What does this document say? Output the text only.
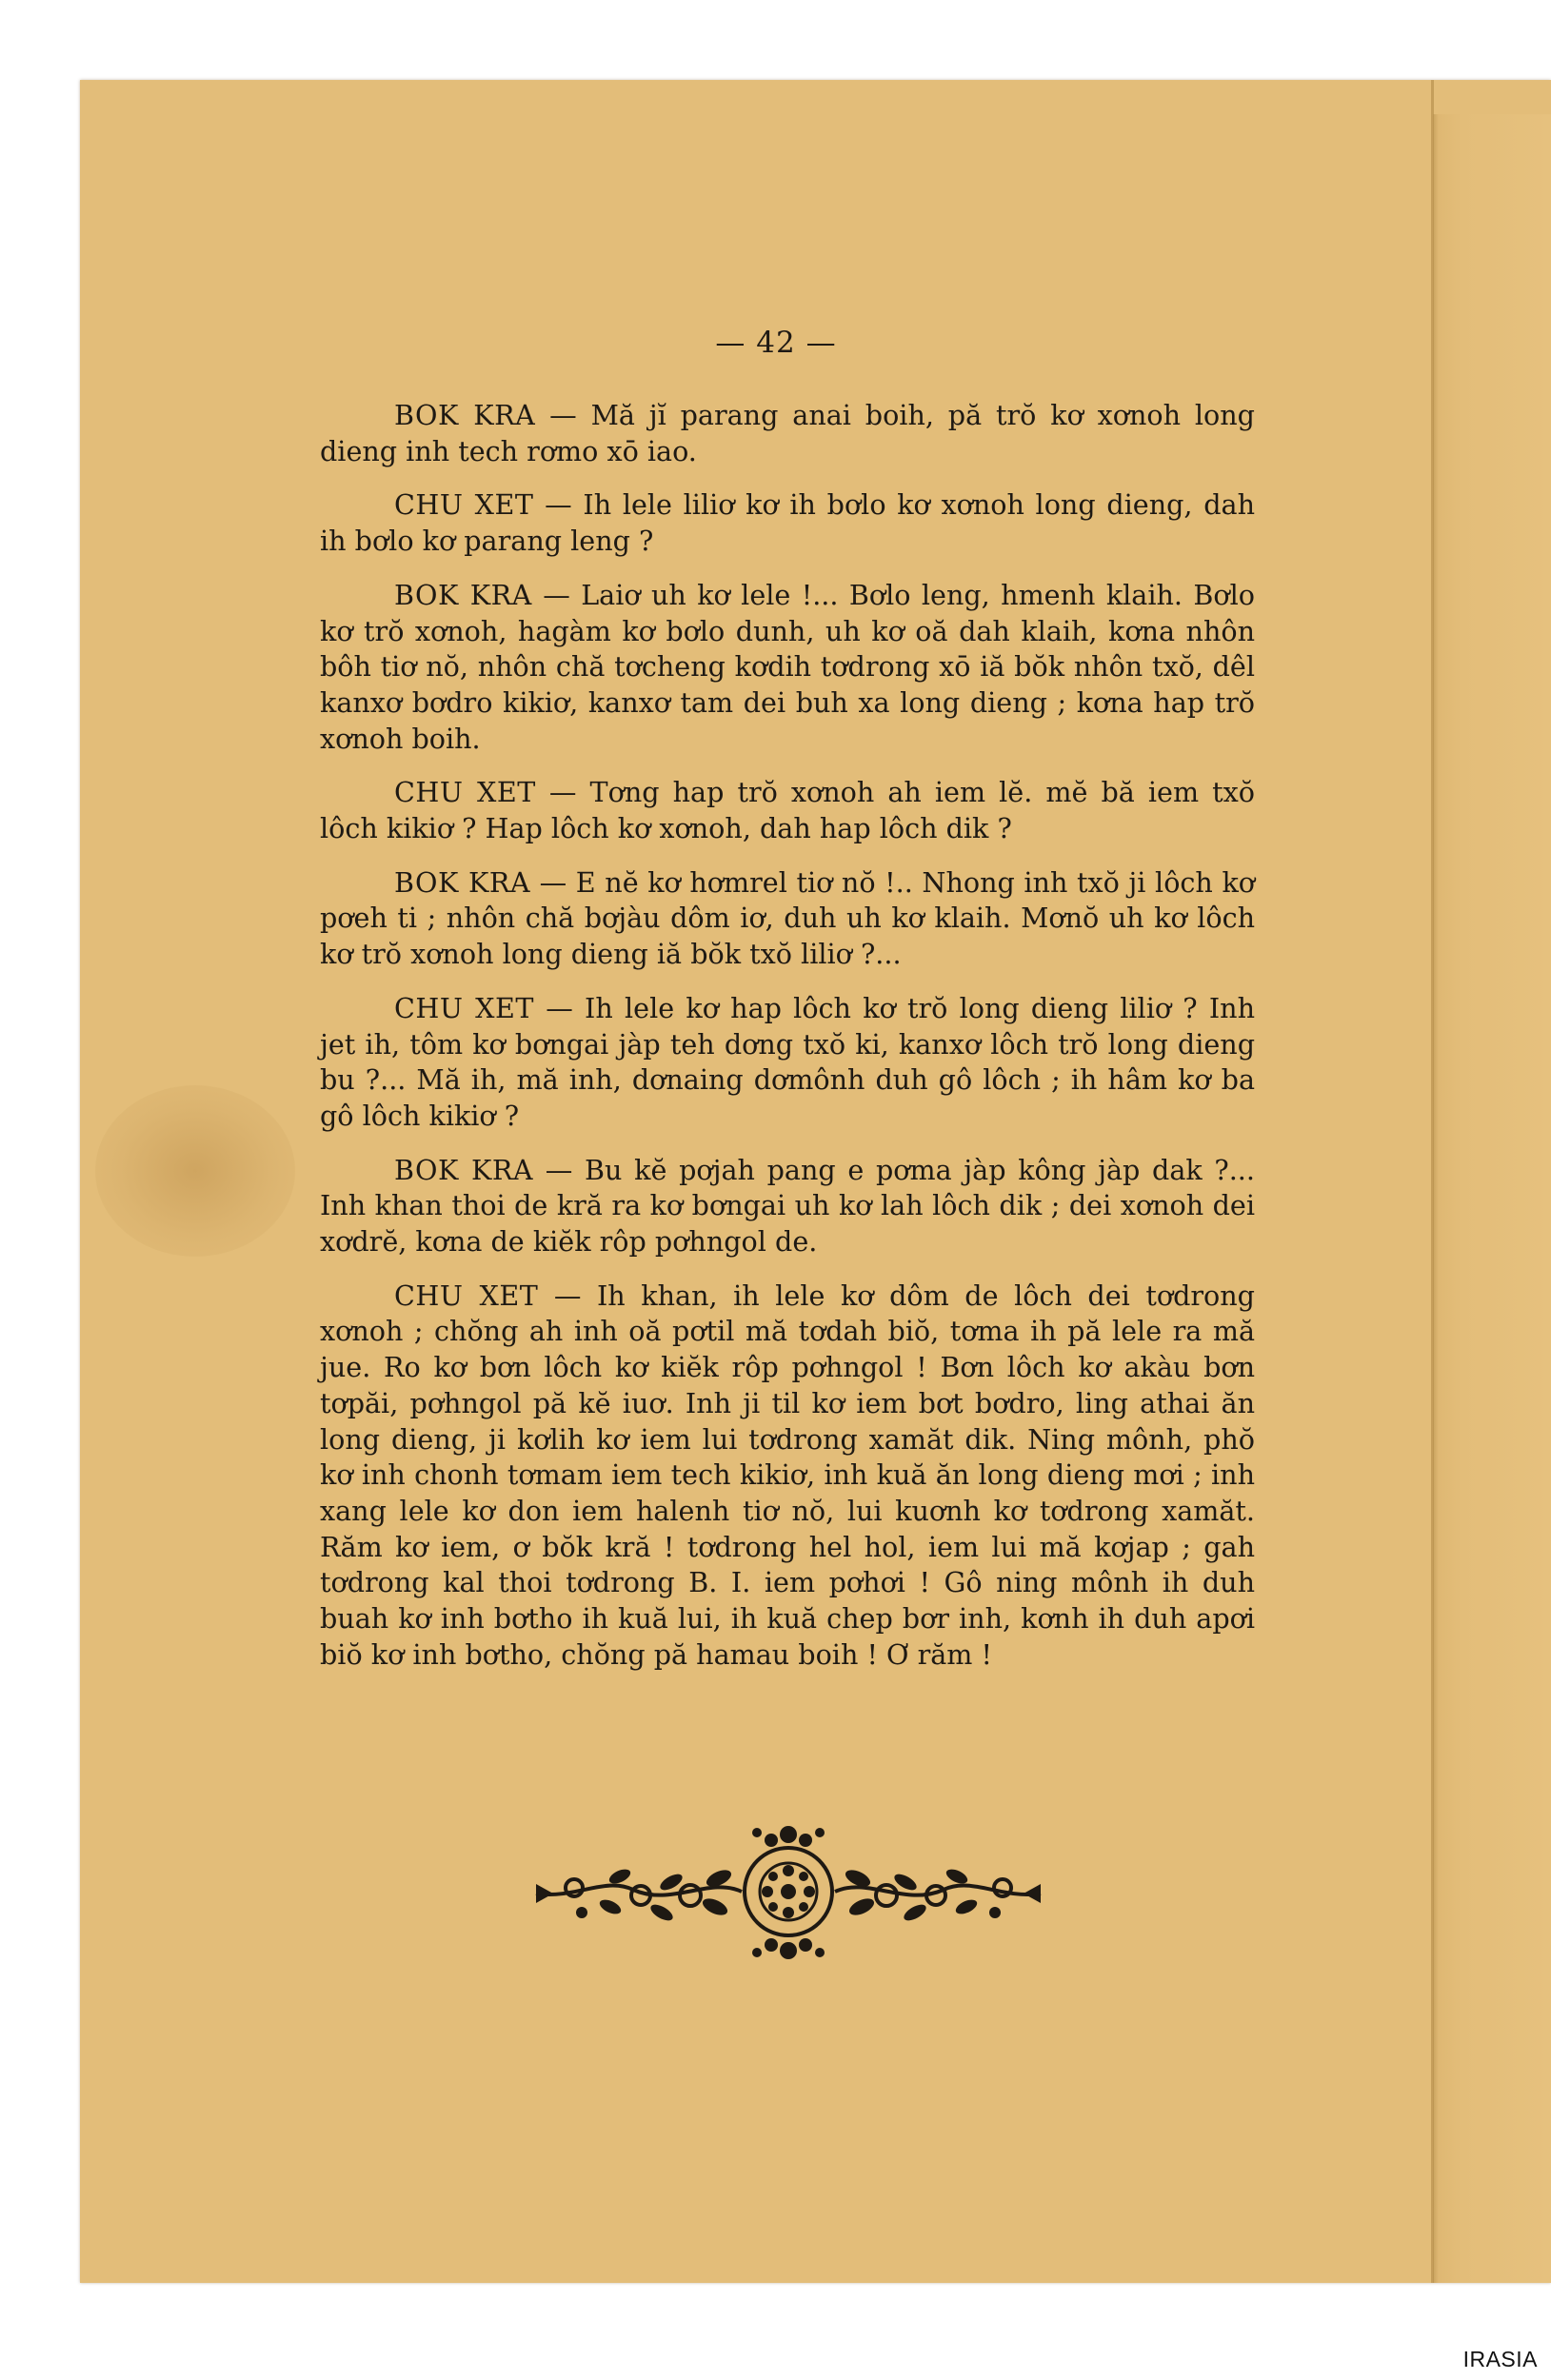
— 42 —

BOK KRA — Mă jĭ parang anai boih, pă trŏ kơ xơnoh long dieng inh tech rơmo xō iao.

CHU XET — Ih lele liliơ kơ ih bơlo kơ xơnoh long dieng, dah ih bơlo kơ parang leng ?

BOK KRA — Laiơ uh kơ lele !... Bơlo leng, hmenh klaih. Bơlo kơ trŏ xơnoh, hagàm kơ bơlo dunh, uh kơ oă dah klaih, kơna nhôn bôh tiơ nŏ, nhôn chă tơcheng kơdih tơdrong xō iă bŏk nhôn txŏ, dêl kanxơ bơdro kikiơ, kanxơ tam dei buh xa long dieng ; kơna hap trŏ xơnoh boih.

CHU XET — Tơng hap trŏ xơnoh ah iem lĕ. mĕ bă iem txŏ lôch kikiơ ? Hap lôch kơ xơnoh, dah hap lôch dik ?

BOK KRA — E nĕ kơ hơmrel tiơ nŏ !.. Nhong inh txŏ ji lôch kơ pơeh ti ; nhôn chă bơjàu dôm iơ, duh uh kơ klaih. Mơnŏ uh kơ lôch kơ trŏ xơnoh long dieng iă bŏk txŏ liliơ ?...

CHU XET — Ih lele kơ hap lôch kơ trŏ long dieng liliơ ? Inh jet ih, tôm kơ bơngai jàp teh dơng txŏ ki, kanxơ lôch trŏ long dieng bu ?... Mă ih, mă inh, dơnaing dơmônh duh gô lôch ; ih hâm kơ ba gô lôch kikiơ ?

BOK KRA — Bu kĕ pơjah pang e pơma jàp kông jàp dak ?... Inh khan thoi de kră ra kơ bơngai uh kơ lah lôch dik ; dei xơnoh dei xơdrĕ, kơna de kiĕk rôp pơhngol de.

CHU XET — Ih khan, ih lele kơ dôm de lôch dei tơdrong xơnoh ; chŏng ah inh oă pơtil mă tơdah biŏ, tơma ih pă lele ra mă jue. Ro kơ bơn lôch kơ kiĕk rôp pơhngol ! Bơn lôch kơ akàu bơn tơpăi, pơhngol pă kĕ iuơ. Inh ji til kơ iem bơt bơdro, ling athai ăn long dieng, ji kơlih kơ iem lui tơdrong xamăt dik. Ning mônh, phŏ kơ inh chonh tơmam iem tech kikiơ, inh kuă ăn long dieng mơi ; inh xang lele kơ don iem halenh tiơ nŏ, lui kuơnh kơ tơdrong xamăt. Răm kơ iem, ơ bŏk kră ! tơdrong hel hol, iem lui mă kơjap ; gah tơdrong kal thoi tơdrong B. I. iem pơhơi ! Gô ning mônh ih duh buah kơ inh bơtho ih kuă lui, ih kuă chep bơr inh, kơnh ih duh apơi biŏ kơ inh bơtho, chŏng pă hamau boih ! Ơ răm !

IRASIA
